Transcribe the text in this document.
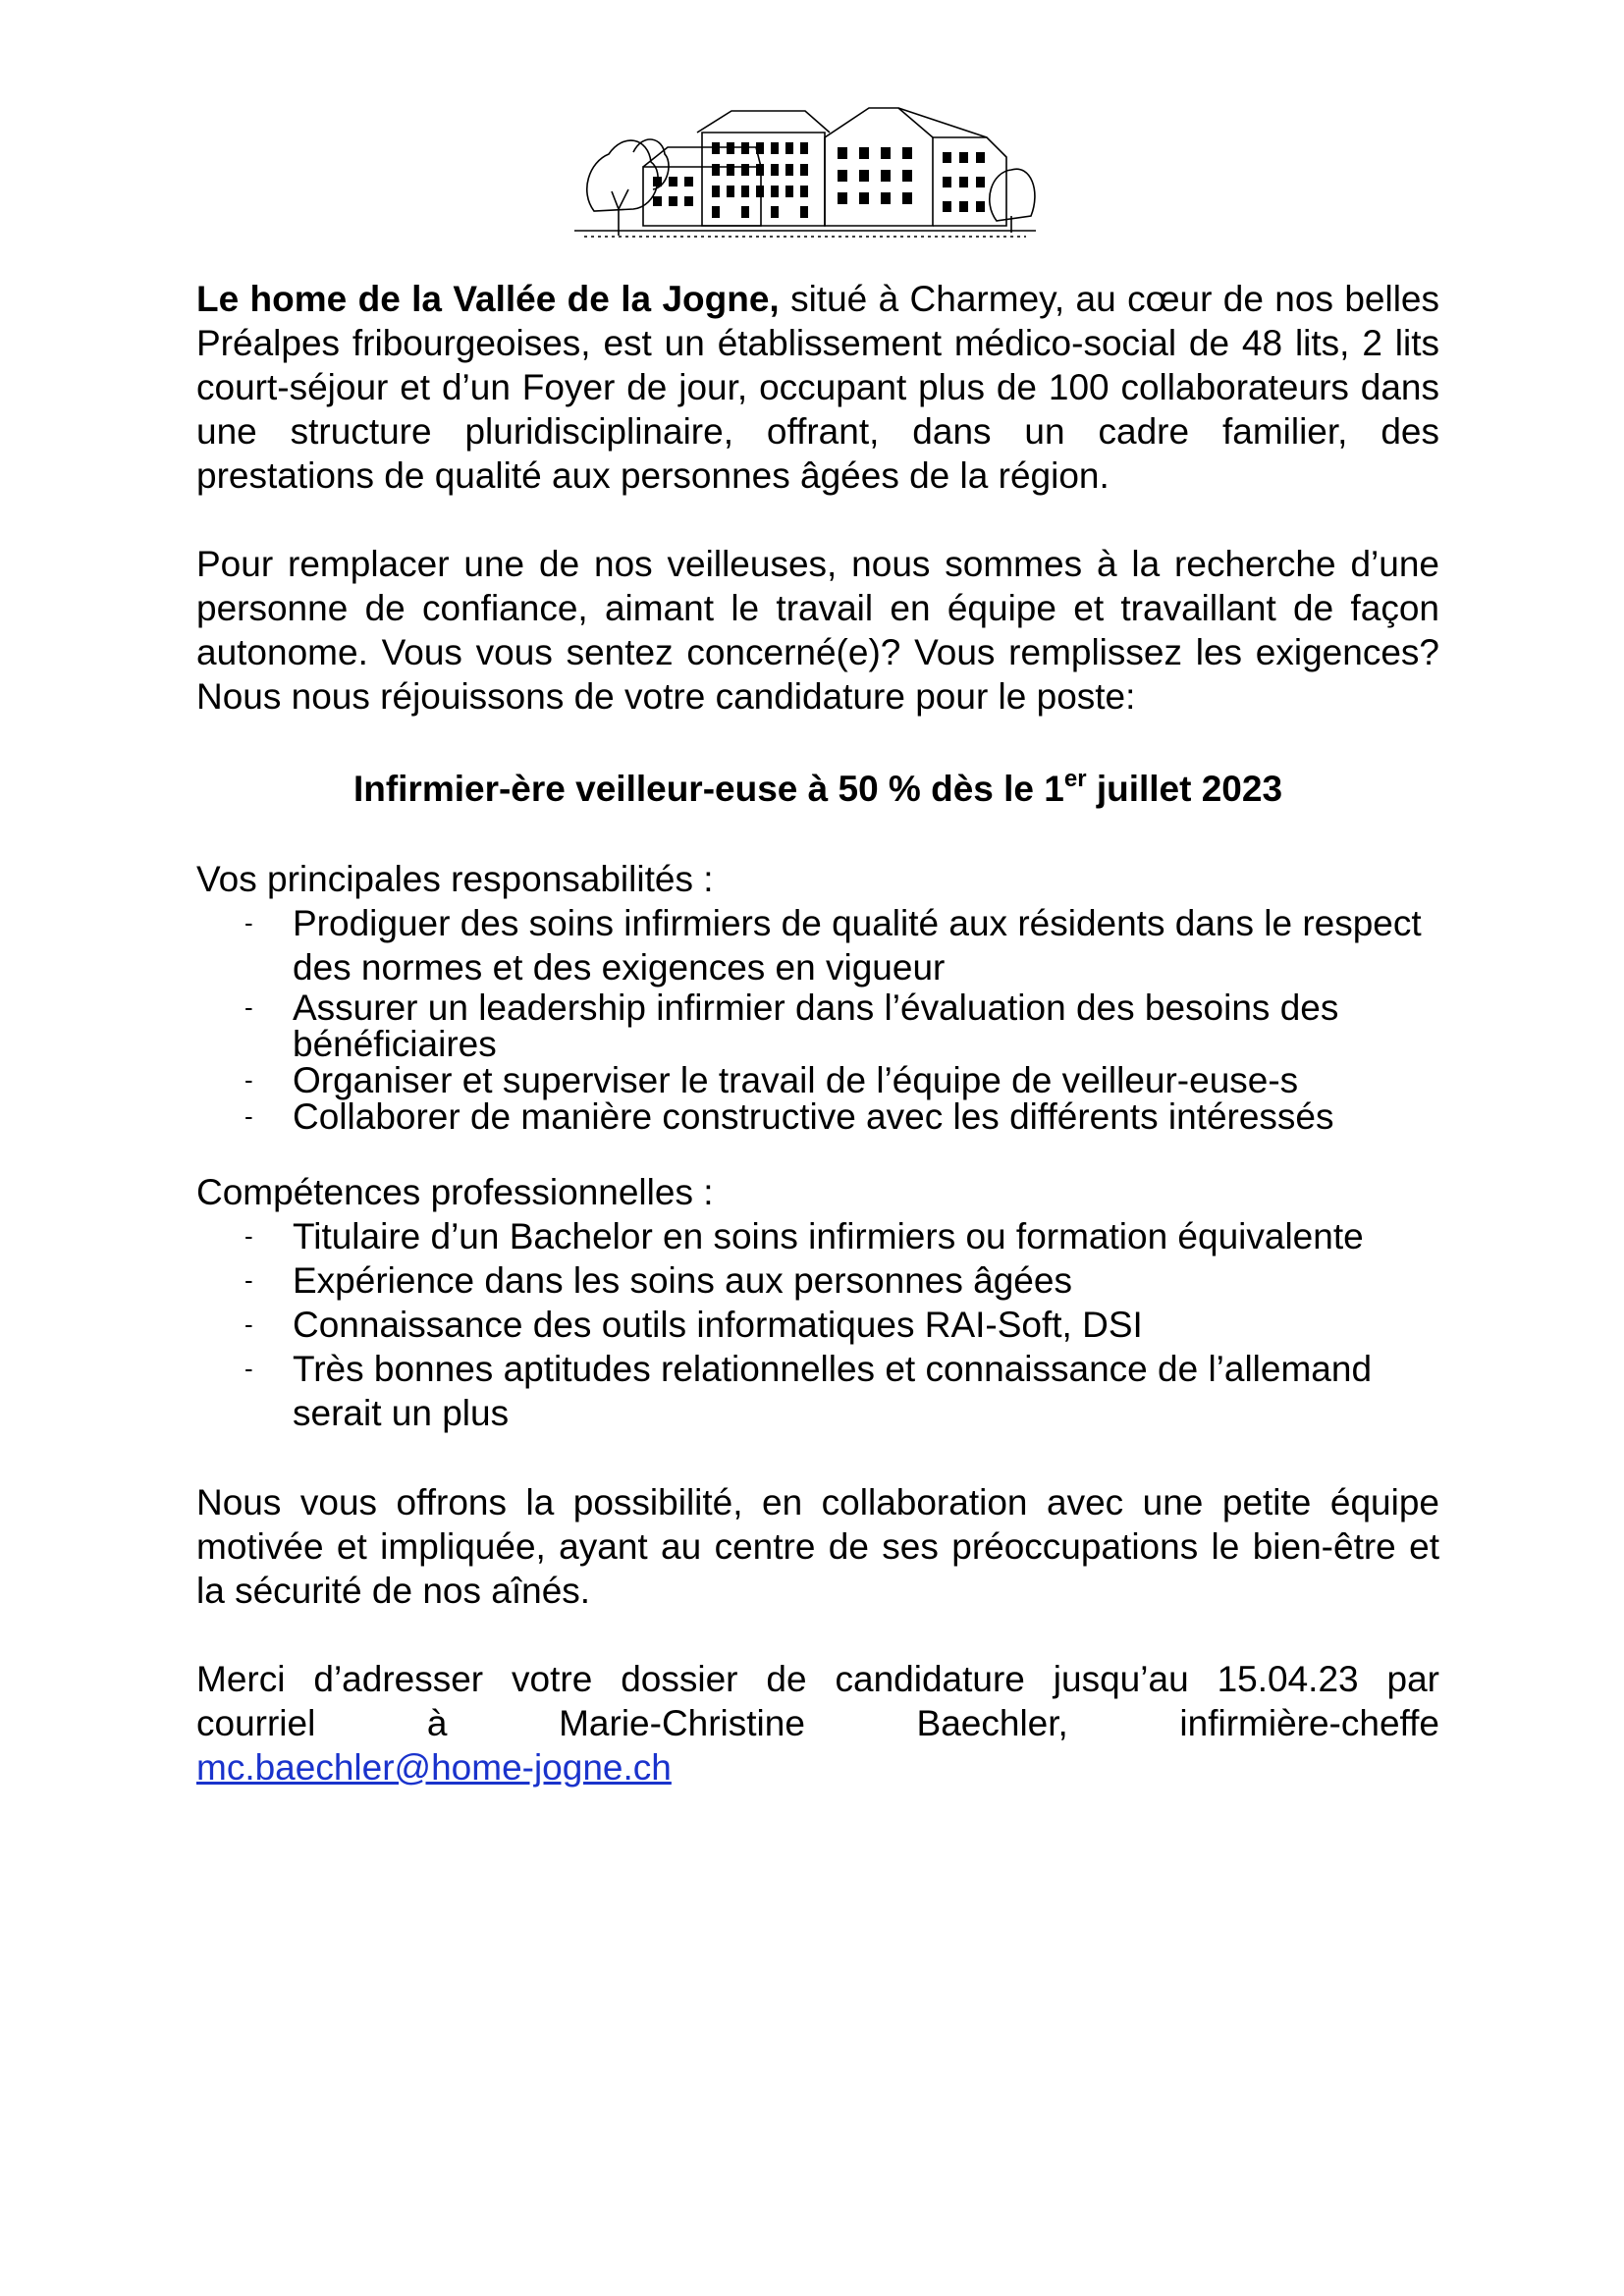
Le home de la Vallée de la Jogne, situé à Charmey, au cœur de nos belles Préalpes fribourgeoises, est un établissement médico-social de 48 lits, 2 lits court-séjour et d’un Foyer de jour, occupant plus de 100 collaborateurs dans une structure pluridisciplinaire, offrant, dans un cadre familier, des prestations de qualité aux personnes âgées de la région.

Pour remplacer une de nos veilleuses, nous sommes à la recherche d’une personne de confiance, aimant le travail en équipe et travaillant de façon autonome. Vous vous sentez concerné(e)? Vous remplissez les exigences? Nous nous réjouissons de votre candidature pour le poste:

Infirmier-ère veilleur-euse à 50 % dès le 1er juillet 2023
Vos principales responsabilités :
- Prodiguer des soins infirmiers de qualité aux résidents dans le respect des normes et des exigences en vigueur
- Assurer un leadership infirmier dans l’évaluation des besoins des bénéficiaires
- Organiser et superviser le travail de l’équipe de veilleur-euse-s
- Collaborer de manière constructive avec les différents intéressés
Compétences professionnelles :
- Titulaire d’un Bachelor en soins infirmiers ou formation équivalente
- Expérience dans les soins aux personnes âgées
- Connaissance des outils informatiques RAI-Soft, DSI
- Très bonnes aptitudes relationnelles et connaissance de l’allemand serait un plus

Nous vous offrons la possibilité, en collaboration avec une petite équipe motivée et impliquée, ayant au centre de ses préoccupations le bien-être et la sécurité de nos aînés.

Merci d’adresser votre dossier de candidature jusqu’au 15.04.23 par

courriel à Marie-Christine Baechler, infirmière-cheffe

mc.baechler@home-jogne.ch
